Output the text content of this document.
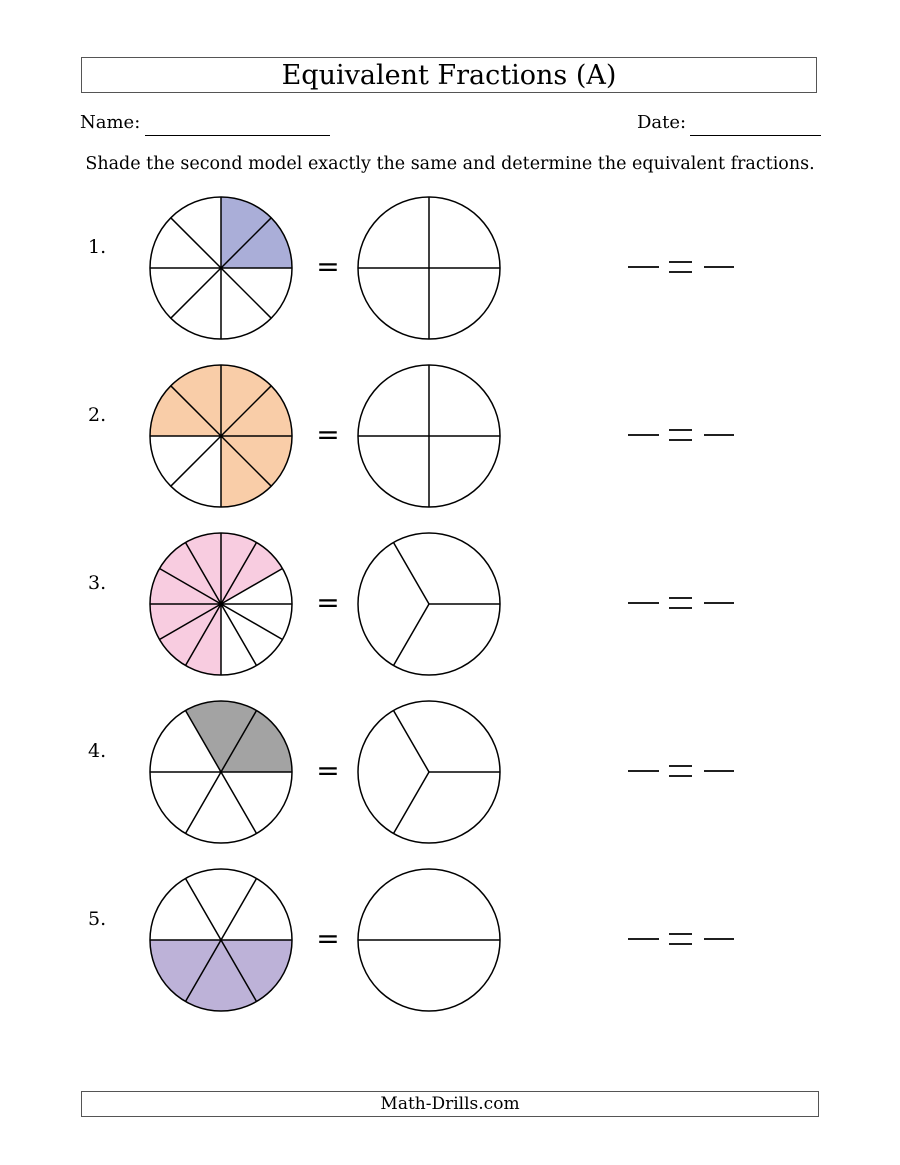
Equivalent Fractions (A)
Name:	Date:
Shade the second model exactly the same and determine the equivalent fractions.
1.
=
2.
=
3.
=
4.
=
5.
=
Math-Drills.com
